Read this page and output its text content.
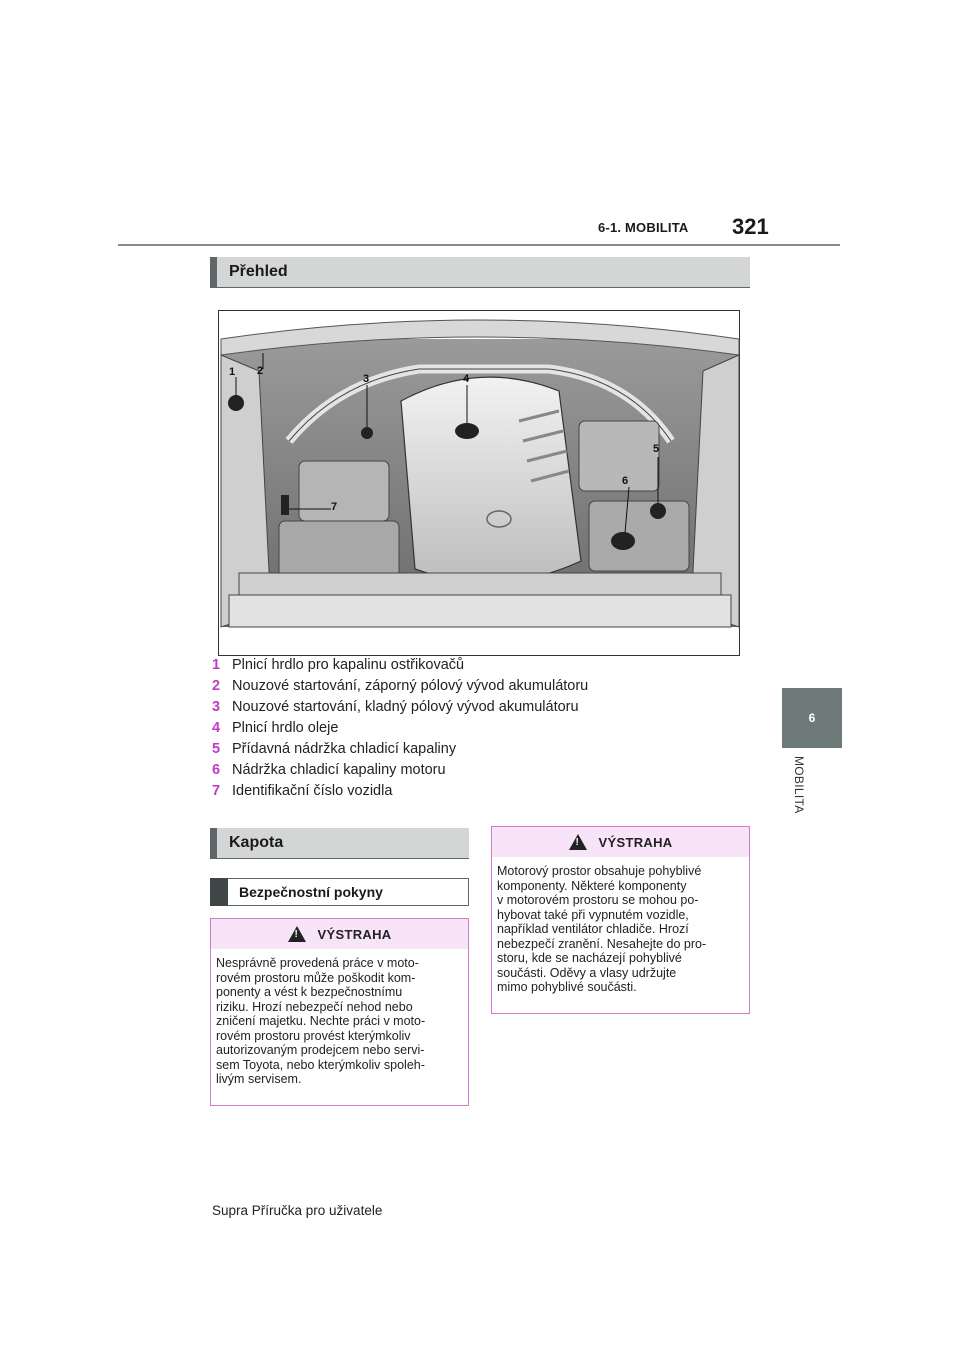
6-1. MOBILITA 321
6
MOBILITA
Přehled
1 2
3	4
5
6
7
1 Plnicí hrdlo pro kapalinu ostřikovačů
2 Nouzové startování, záporný pólový vývod akumulátoru
3 Nouzové startování, kladný pólový vývod akumulátoru
4 Plnicí hrdlo oleje
5 Přídavná nádržka chladicí kapaliny
6 Nádržka chladicí kapaliny motoru
7 Identifikační číslo vozidla
Kapota
Bezpečnostní pokyny
!
VÝSTRAHA
Nesprávně provedená práce v moto-
rovém prostoru může poškodit kom-
ponenty a vést k bezpečnostnímu
riziku. Hrozí nebezpečí nehod nebo
zničení majetku. Nechte práci v moto-
rovém prostoru provést kterýmkoliv
autorizovaným prodejcem nebo servi-
sem Toyota, nebo kterýmkoliv spoleh-
livým servisem.
!
VÝSTRAHA
Motorový prostor obsahuje pohyblivé
komponenty. Některé komponenty
v motorovém prostoru se mohou po-
hybovat také při vypnutém vozidle,
například ventilátor chladiče. Hrozí
nebezpečí zranění. Nesahejte do pro-
storu, kde se nacházejí pohyblivé
součásti. Oděvy a vlasy udržujte
mimo pohyblivé součásti.
Supra Příručka pro uživatele
